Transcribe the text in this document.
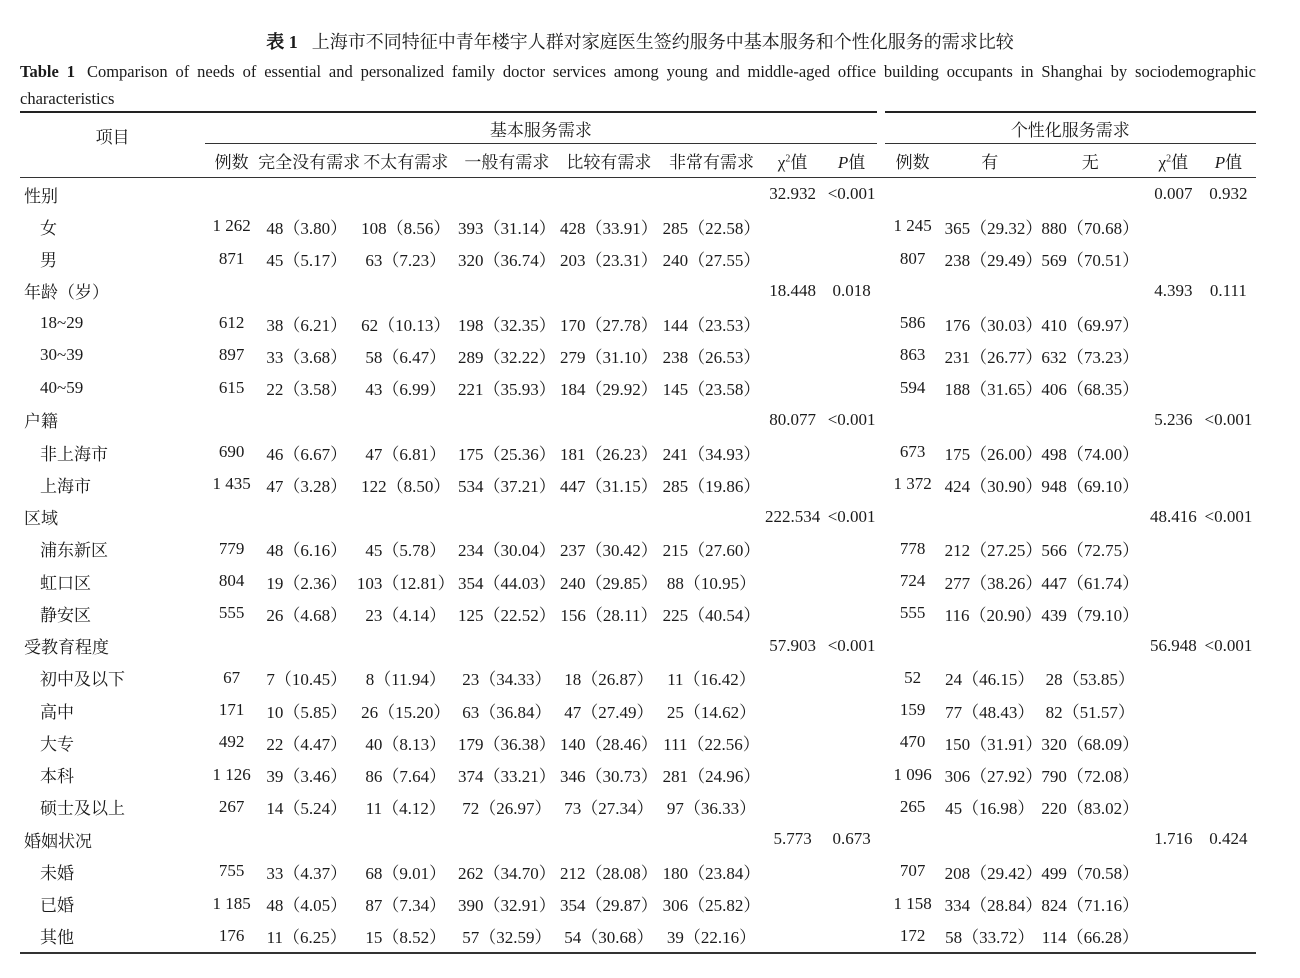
表 1 上海市不同特征中青年楼宇人群对家庭医生签约服务中基本服务和个性化服务的需求比较
Table 1 Comparison of needs of essential and personalized family doctor services among young and middle-aged office building occupants in Shanghai by sociodemographic characteristics
项目	基本服务需求								个性化服务需求				
	例数	完全没有需求	不太有需求	一般有需求	比较有需求	非常有需求	$\chi^2$值	P值	例数	有	无	$\chi^2$值	P值
性别							32.932	<0.001				0.007	0.932
女	1 262	48（3.80）	108（8.56）	393（31.14）	428（33.91）	285（22.58）			1 245	365（29.32）	880（70.68）		
男	871	45（5.17）	63（7.23）	320（36.74）	203（23.31）	240（27.55）			807	238（29.49）	569（70.51）		
年龄（岁）							18.448	0.018				4.393	0.111
18~29	612	38（6.21）	62（10.13）	198（32.35）	170（27.78）	144（23.53）			586	176（30.03）	410（69.97）		
30~39	897	33（3.68）	58（6.47）	289（32.22）	279（31.10）	238（26.53）			863	231（26.77）	632（73.23）		
40~59	615	22（3.58）	43（6.99）	221（35.93）	184（29.92）	145（23.58）			594	188（31.65）	406（68.35）		
户籍							80.077	<0.001				5.236	<0.001
非上海市	690	46（6.67）	47（6.81）	175（25.36）	181（26.23）	241（34.93）			673	175（26.00）	498（74.00）		
上海市	1 435	47（3.28）	122（8.50）	534（37.21）	447（31.15）	285（19.86）			1 372	424（30.90）	948（69.10）		
区域							222.534	<0.001				48.416	<0.001
浦东新区	779	48（6.16）	45（5.78）	234（30.04）	237（30.42）	215（27.60）			778	212（27.25）	566（72.75）		
虹口区	804	19（2.36）	103（12.81）	354（44.03）	240（29.85）	88（10.95）			724	277（38.26）	447（61.74）		
静安区	555	26（4.68）	23（4.14）	125（22.52）	156（28.11）	225（40.54）			555	116（20.90）	439（79.10）		
受教育程度							57.903	<0.001				56.948	<0.001
初中及以下	67	7（10.45）	8（11.94）	23（34.33）	18（26.87）	11（16.42）			52	24（46.15）	28（53.85）		
高中	171	10（5.85）	26（15.20）	63（36.84）	47（27.49）	25（14.62）			159	77（48.43）	82（51.57）		
大专	492	22（4.47）	40（8.13）	179（36.38）	140（28.46）	111（22.56）			470	150（31.91）	320（68.09）		
本科	1 126	39（3.46）	86（7.64）	374（33.21）	346（30.73）	281（24.96）			1 096	306（27.92）	790（72.08）		
硕士及以上	267	14（5.24）	11（4.12）	72（26.97）	73（27.34）	97（36.33）			265	45（16.98）	220（83.02）		
婚姻状况							5.773	0.673				1.716	0.424
未婚	755	33（4.37）	68（9.01）	262（34.70）	212（28.08）	180（23.84）			707	208（29.42）	499（70.58）		
已婚	1 185	48（4.05）	87（7.34）	390（32.91）	354（29.87）	306（25.82）			1 158	334（28.84）	824（71.16）		
其他	176	11（6.25）	15（8.52）	57（32.59）	54（30.68）	39（22.16）			172	58（33.72）	114（66.28）		
